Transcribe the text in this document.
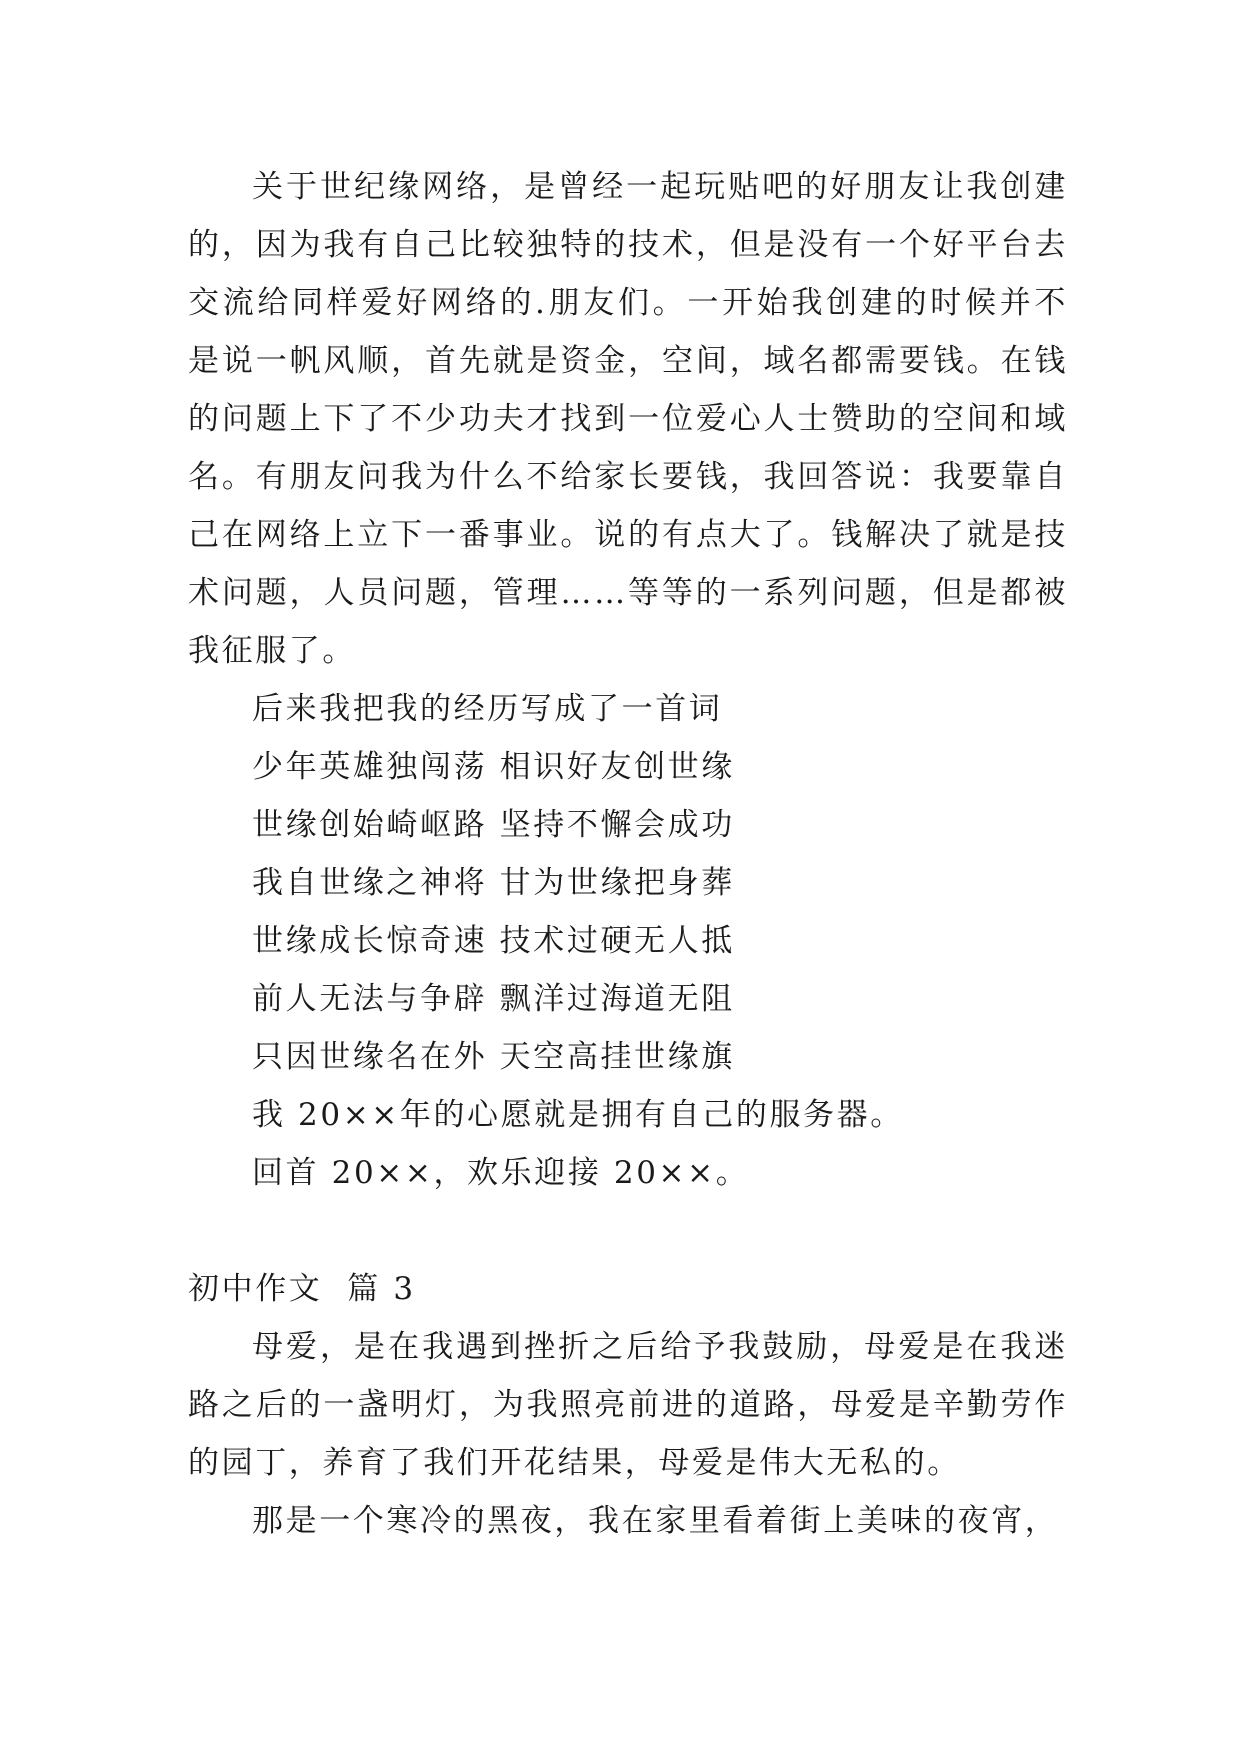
关于世纪缘网络，是曾经一起玩贴吧的好朋友让我创建的，因为我有自己比较独特的技术，但是没有一个好平台去交流给同样爱好网络的.朋友们。一开始我创建的时候并不是说一帆风顺，首先就是资金，空间，域名都需要钱。在钱的问题上下了不少功夫才找到一位爱心人士赞助的空间和域名。有朋友问我为什么不给家长要钱，我回答说：我要靠自己在网络上立下一番事业。说的有点大了。钱解决了就是技术问题，人员问题，管理……等等的一系列问题，但是都被我征服了。

后来我把我的经历写成了一首词

少年英雄独闯荡 相识好友创世缘

世缘创始崎岖路 坚持不懈会成功

我自世缘之神将 甘为世缘把身葬

世缘成长惊奇速 技术过硬无人抵

前人无法与争辟 飘洋过海道无阻

只因世缘名在外 天空高挂世缘旗

我 20××年的心愿就是拥有自己的服务器。

回首 20××，欢乐迎接 20××。

初中作文  篇 3

母爱，是在我遇到挫折之后给予我鼓励，母爱是在我迷路之后的一盏明灯，为我照亮前进的道路，母爱是辛勤劳作的园丁，养育了我们开花结果，母爱是伟大无私的。

那是一个寒冷的黑夜，我在家里看着街上美味的夜宵，
